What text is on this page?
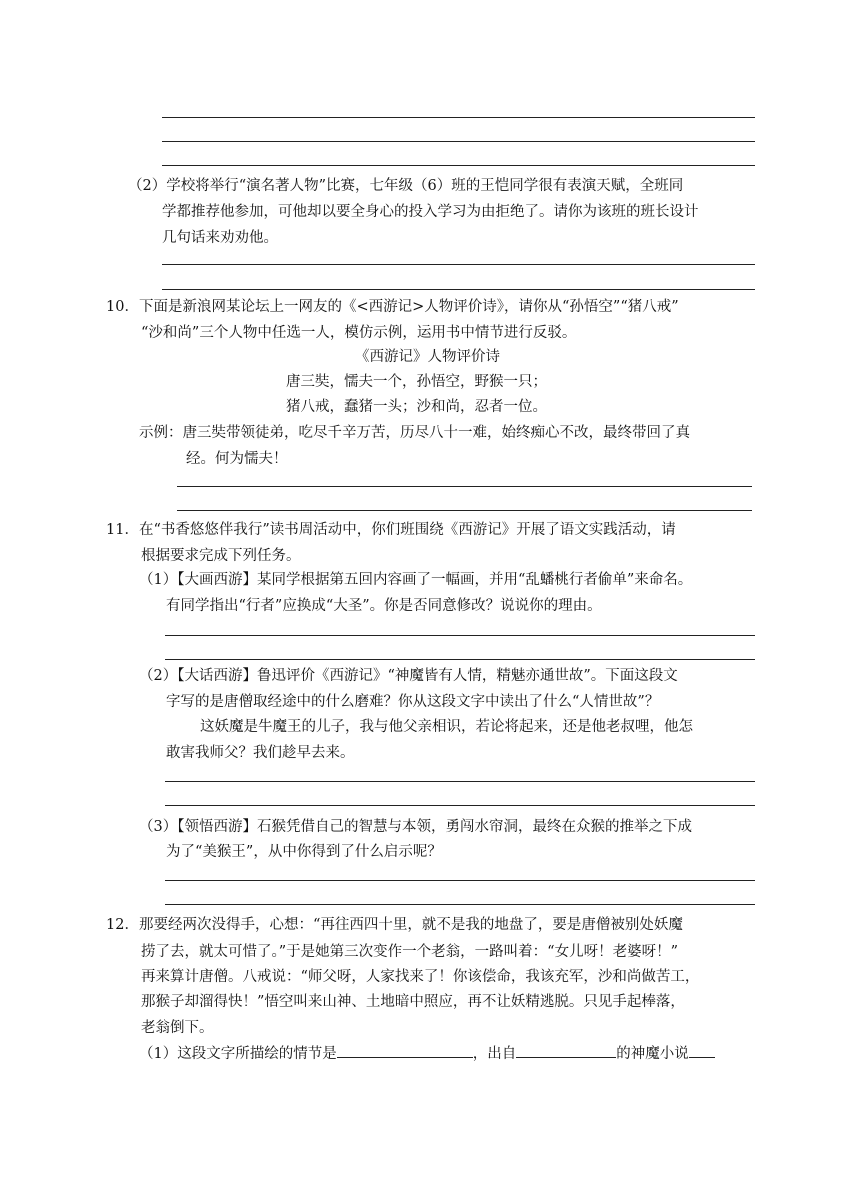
（2）学校将举行“演名著人物”比赛，七年级（6）班的王恺同学很有表演天赋，全班同
学都推荐他参加，可他却以要全身心的投入学习为由拒绝了。请你为该班的班长设计
几句话来劝劝他。
10．下面是新浪网某论坛上一网友的《<西游记>人物评价诗》，请你从“孙悟空”“猪八戒”
“沙和尚”三个人物中任选一人，模仿示例，运用书中情节进行反驳。
《西游记》人物评价诗
唐三奘，懦夫一个，孙悟空，野猴一只；
猪八戒，蠢猪一头；沙和尚，忍者一位。
示例：唐三奘带领徒弟，吃尽千辛万苦，历尽八十一难，始终痴心不改，最终带回了真
经。何为懦夫！
11．在“书香悠悠伴我行”读书周活动中，你们班围绕《西游记》开展了语文实践活动，请
根据要求完成下列任务。
（1）【大画西游】某同学根据第五回内容画了一幅画，并用“乱蟠桃行者偷单”来命名。
有同学指出“行者”应换成“大圣”。你是否同意修改？说说你的理由。
（2）【大话西游】鲁迅评价《西游记》“神魔皆有人情，精魅亦通世故”。下面这段文
字写的是唐僧取经途中的什么磨难？你从这段文字中读出了什么“人情世故”？
这妖魔是牛魔王的儿子，我与他父亲相识，若论将起来，还是他老叔哩，他怎
敢害我师父？我们趁早去来。
（3）【领悟西游】石猴凭借自己的智慧与本领，勇闯水帘洞，最终在众猴的推举之下成
为了“美猴王”，从中你得到了什么启示呢？
12．那要经两次没得手，心想：“再往西四十里，就不是我的地盘了，要是唐僧被别处妖魔
捞了去，就太可惜了。”于是她第三次变作一个老翁，一路叫着：“女儿呀！老婆呀！”
再来算计唐僧。八戒说：“师父呀，人家找来了！你该偿命，我该充军，沙和尚做苦工，
那猴子却溜得快！”悟空叫来山神、土地暗中照应，再不让妖精逃脱。只见手起棒落，
老翁倒下。
（1）这段文字所描绘的情节是	，出自	的神魔小说
